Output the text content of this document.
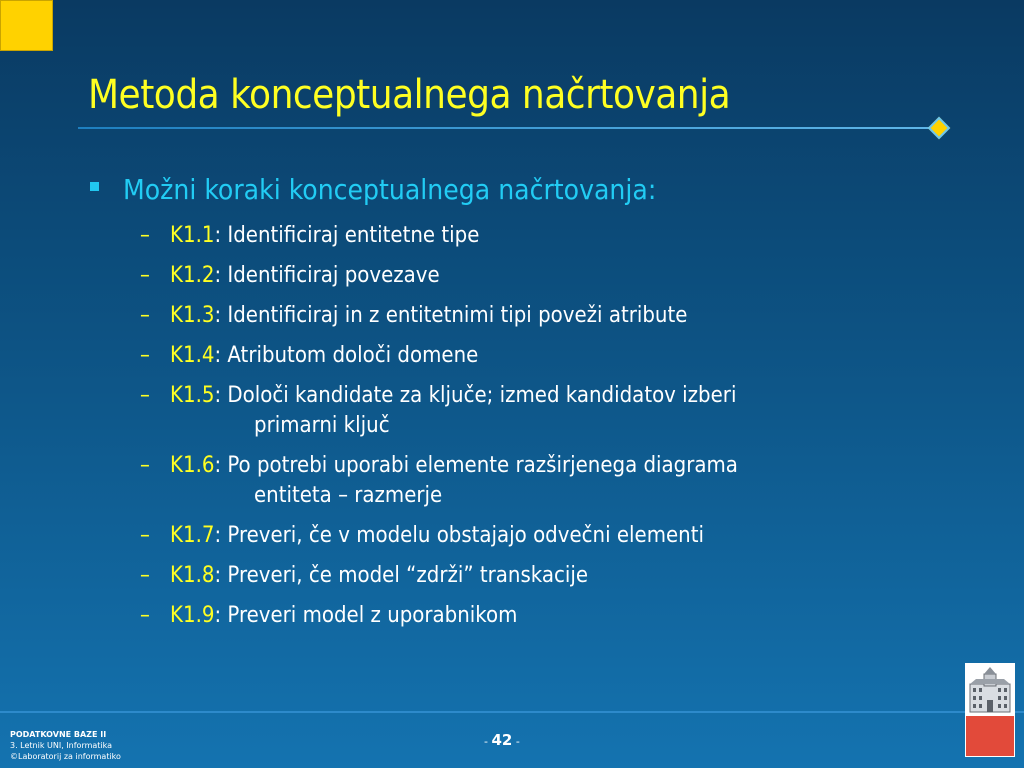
Metoda konceptualnega načrtovanja
Možni koraki konceptualnega načrtovanja:
– K1.1: Identificiraj entitetne tipe
– K1.2: Identificiraj povezave
– K1.3: Identificiraj in z entitetnimi tipi poveži atribute
– K1.4: Atributom določi domene
– K1.5: Določi kandidate za ključe; izmed kandidatov izberi
primarni ključ
– K1.6: Po potrebi uporabi elemente razširjenega diagrama
entiteta – razmerje
– K1.7: Preveri, če v modelu obstajajo odvečni elementi
– K1.8: Preveri, če model “zdrži” transkacije
– K1.9: Preveri model z uporabnikom
PODATKOVNE BAZE II
3. Letnik UNI, Informatika
©Laboratorij za informatiko
- 42 -
